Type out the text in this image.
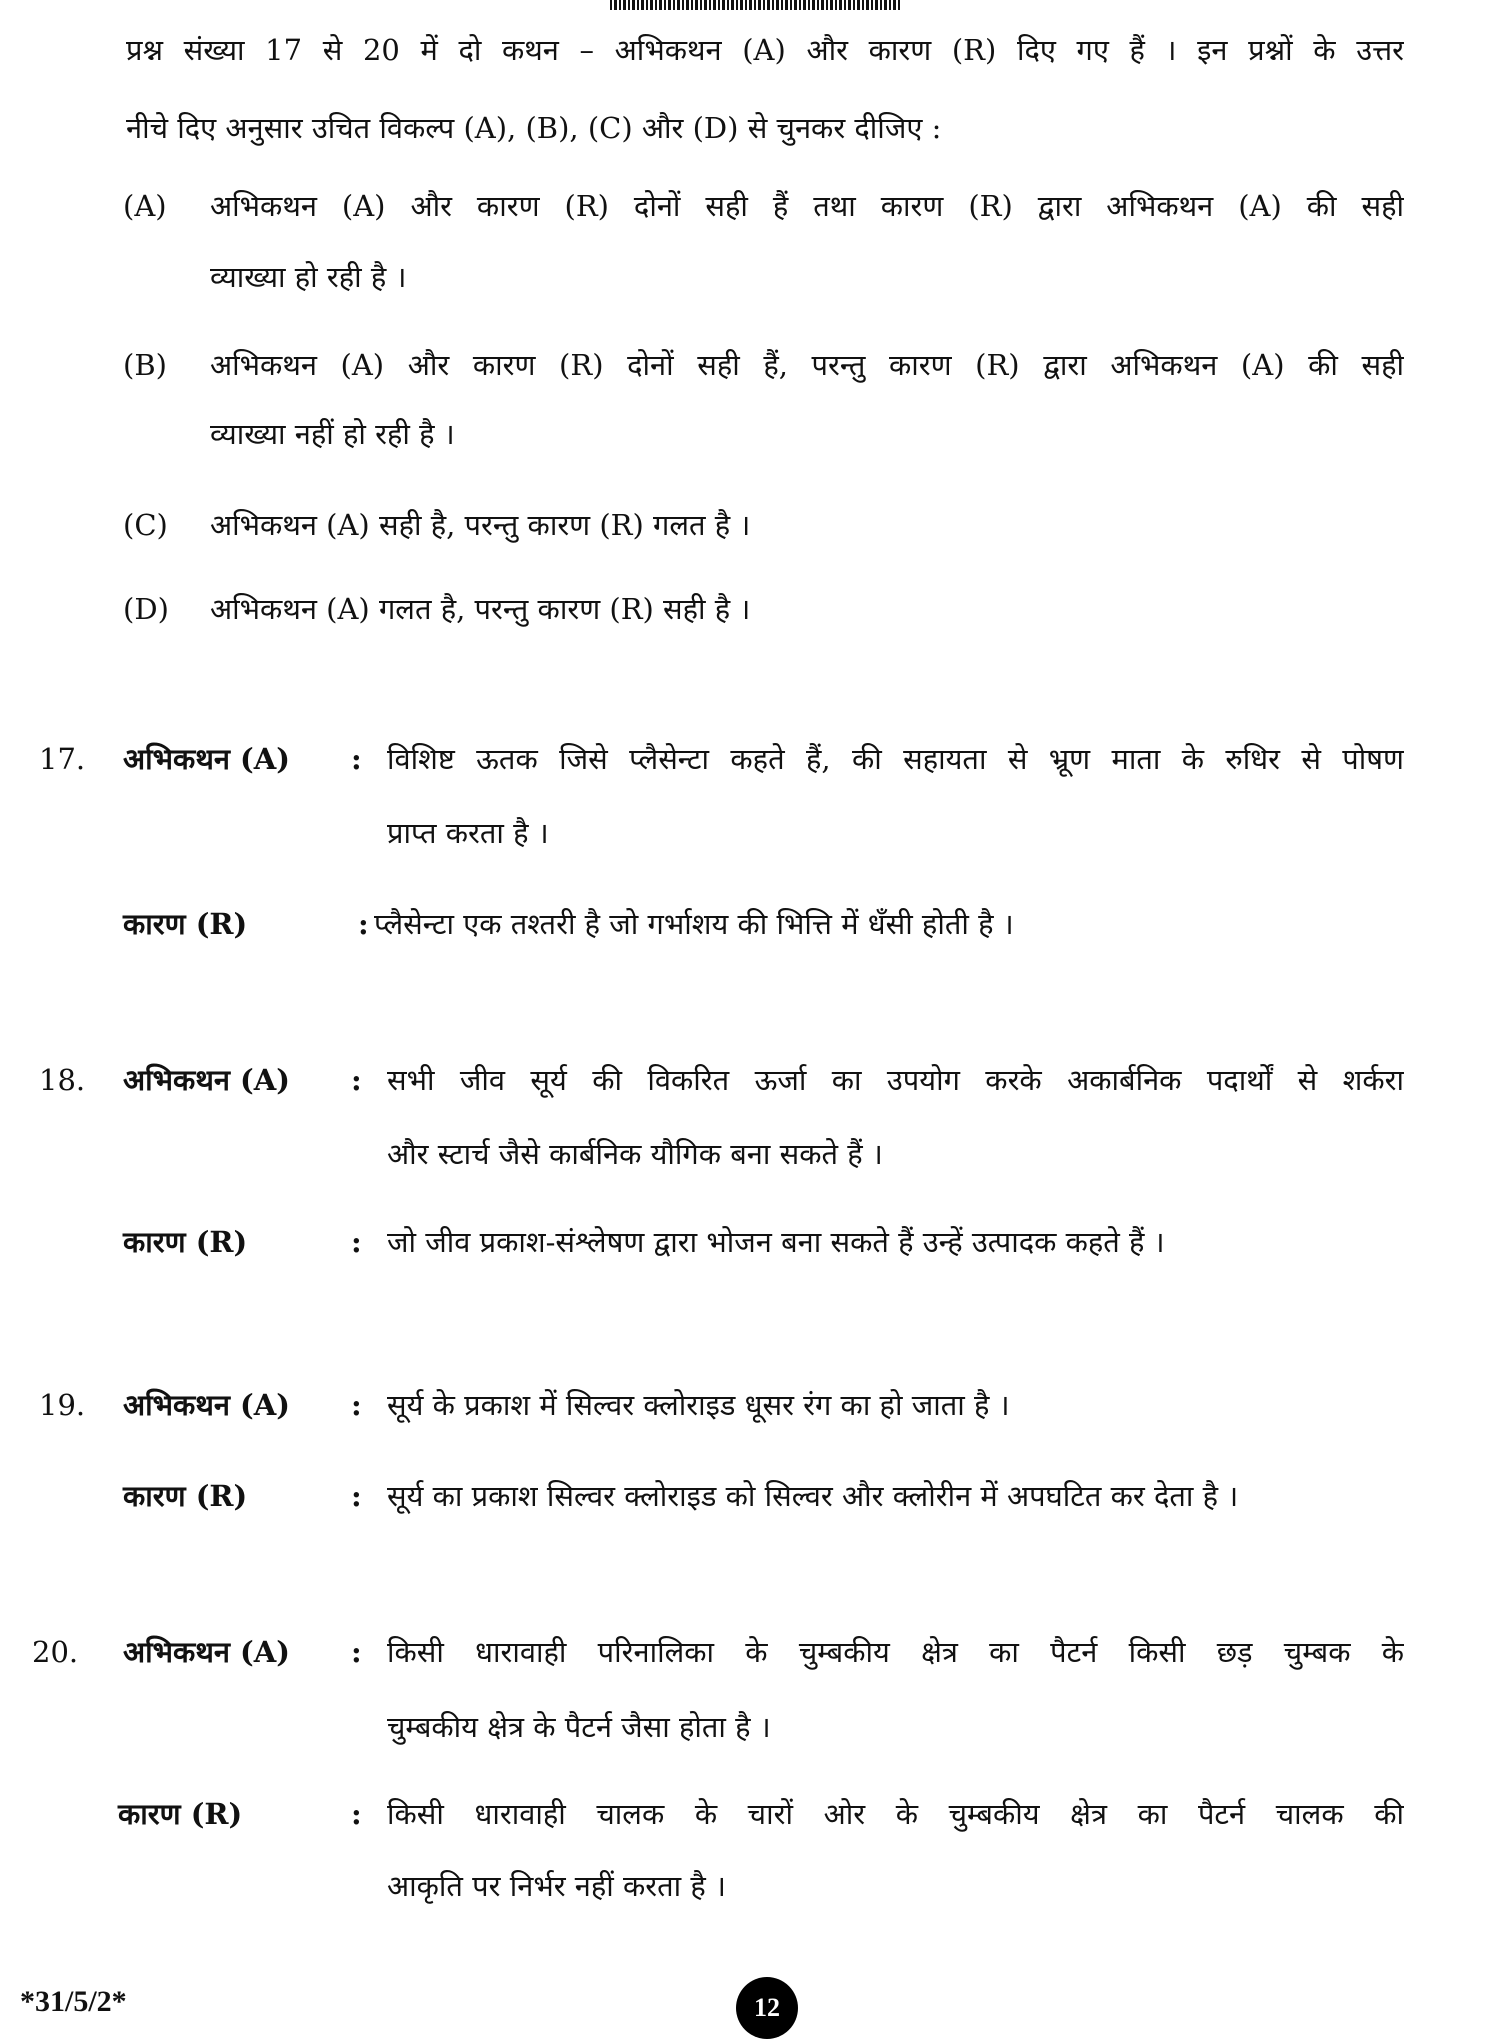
प्रश्न संख्या 17 से 20 में दो कथन – अभिकथन (A) और कारण (R) दिए गए हैं । इन प्रश्नों के उत्तर
नीचे दिए अनुसार उचित विकल्प (A), (B), (C) और (D) से चुनकर दीजिए :
(A) अभिकथन (A) और कारण (R) दोनों सही हैं तथा कारण (R) द्वारा अभिकथन (A) की सही
व्याख्या हो रही है ।
(B) अभिकथन (A) और कारण (R) दोनों सही हैं, परन्तु कारण (R) द्वारा अभिकथन (A) की सही
व्याख्या नहीं हो रही है ।
(C) अभिकथन (A) सही है, परन्तु कारण (R) गलत है ।
(D) अभिकथन (A) गलत है, परन्तु कारण (R) सही है ।
17. अभिकथन (A) : विशिष्ट ऊतक जिसे प्लैसेन्टा कहते हैं, की सहायता से भ्रूण माता के रुधिर से पोषण
प्राप्त करता है ।
कारण (R)	: प्लैसेन्टा एक तश्तरी है जो गर्भाशय की भित्ति में धँसी होती है ।
18. अभिकथन (A) : सभी जीव सूर्य की विकरित ऊर्जा का उपयोग करके अकार्बनिक पदार्थों से शर्करा
और स्टार्च जैसे कार्बनिक यौगिक बना सकते हैं ।
कारण (R)	: जो जीव प्रकाश-संश्लेषण द्वारा भोजन बना सकते हैं उन्हें उत्पादक कहते हैं ।
19. अभिकथन (A) : सूर्य के प्रकाश में सिल्वर क्लोराइड धूसर रंग का हो जाता है ।
कारण (R)	: सूर्य का प्रकाश सिल्वर क्लोराइड को सिल्वर और क्लोरीन में अपघटित कर देता है ।
20. अभिकथन (A) : किसी धारावाही परिनालिका के चुम्बकीय क्षेत्र का पैटर्न किसी छड़ चुम्बक के
चुम्बकीय क्षेत्र के पैटर्न जैसा होता है ।
कारण (R)	: किसी धारावाही चालक के चारों ओर के चुम्बकीय क्षेत्र का पैटर्न चालक की
आकृति पर निर्भर नहीं करता है ।
*31/5/2*	12
